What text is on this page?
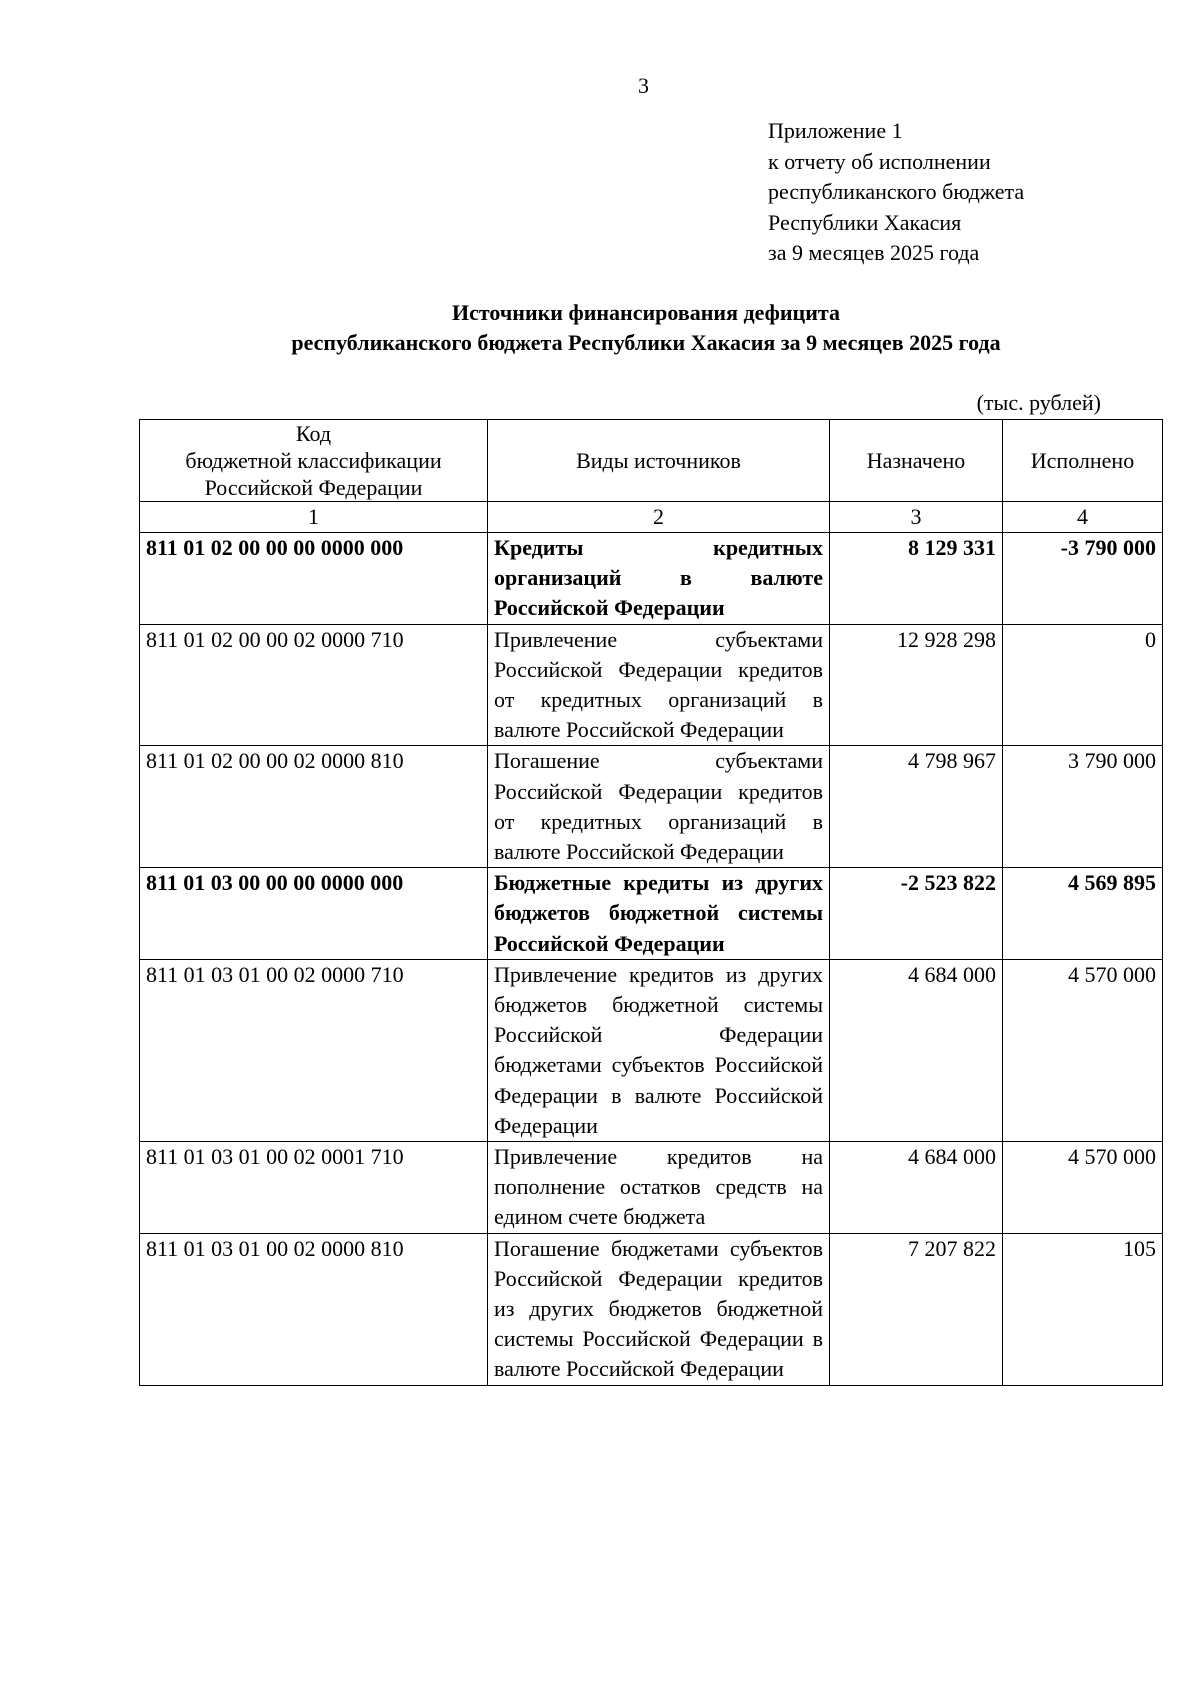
3
Приложение 1
к отчету об исполнении
республиканского бюджета
Республики Хакасия
за 9 месяцев 2025 года
Источники финансирования дефицита
республиканского бюджета Республики Хакасия за 9 месяцев 2025 года
(тыс. рублей)
Код
бюджетной классификации
Российской Федерации	Виды источников	Назначено	Исполнено
1	2	3	4
811 01 02 00 00 00 0000 000	Кредиты кредитных организаций в валюте Российской Федерации	8 129 331	-3 790 000
811 01 02 00 00 02 0000 710	Привлечение субъектами Российской Федерации кредитов от кредитных организаций в валюте Российской Федерации	12 928 298	0
811 01 02 00 00 02 0000 810	Погашение субъектами Российской Федерации кредитов от кредитных организаций в валюте Российской Федерации	4 798 967	3 790 000
811 01 03 00 00 00 0000 000	Бюджетные кредиты из других бюджетов бюджетной системы Российской Федерации	-2 523 822	4 569 895
811 01 03 01 00 02 0000 710	Привлечение кредитов из других бюджетов бюджетной системы Российской Федерации бюджетами субъектов Российской Федерации в валюте Российской Федерации	4 684 000	4 570 000
811 01 03 01 00 02 0001 710	Привлечение кредитов на пополнение остатков средств на едином счете бюджета	4 684 000	4 570 000
811 01 03 01 00 02 0000 810	Погашение бюджетами субъектов Российской Федерации кредитов из других бюджетов бюджетной системы Российской Федерации в валюте Российской Федерации	7 207 822	105
